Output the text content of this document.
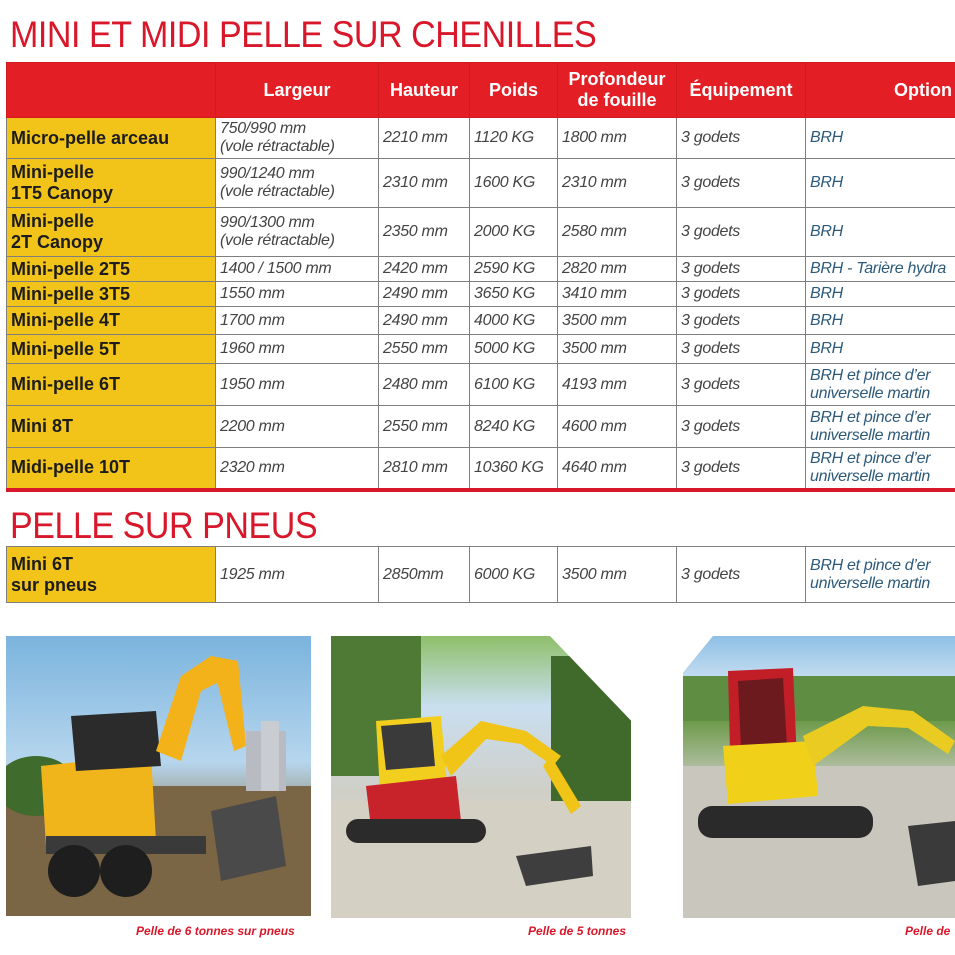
MINI ET MIDI PELLE SUR CHENILLES
	Largeur	Hauteur	Poids	Profondeur
de fouille	Équipement	Option
Micro-pelle arceau	750/990 mm
(vole rétractable)	2210 mm	1120 KG	1800 mm	3 godets	BRH
Mini-pelle
1T5 Canopy	990/1240 mm
(vole rétractable)	2310 mm	1600 KG	2310 mm	3 godets	BRH
Mini-pelle
2T Canopy	990/1300 mm
(vole rétractable)	2350 mm	2000 KG	2580 mm	3 godets	BRH
Mini-pelle 2T5	1400 / 1500 mm	2420 mm	2590 KG	2820 mm	3 godets	BRH - Tarière hydra
Mini-pelle 3T5	1550 mm	2490 mm	3650 KG	3410 mm	3 godets	BRH
Mini-pelle 4T	1700 mm	2490 mm	4000 KG	3500 mm	3 godets	BRH
Mini-pelle 5T	1960 mm	2550 mm	5000 KG	3500 mm	3 godets	BRH
Mini-pelle 6T	1950 mm	2480 mm	6100 KG	4193 mm	3 godets	BRH et pince d’er
universelle martin
Mini 8T	2200 mm	2550 mm	8240 KG	4600 mm	3 godets	BRH et pince d’er
universelle martin
Midi-pelle 10T	2320 mm	2810 mm	10360 KG	4640 mm	3 godets	BRH et pince d’er
universelle martin
PELLE SUR PNEUS
Mini 6T
sur pneus	1925 mm	2850mm	6000 KG	3500 mm	3 godets	BRH et pince d’er
universelle martin
Pelle de 6 tonnes sur pneus	Pelle de 5 tonnes	Pelle de
